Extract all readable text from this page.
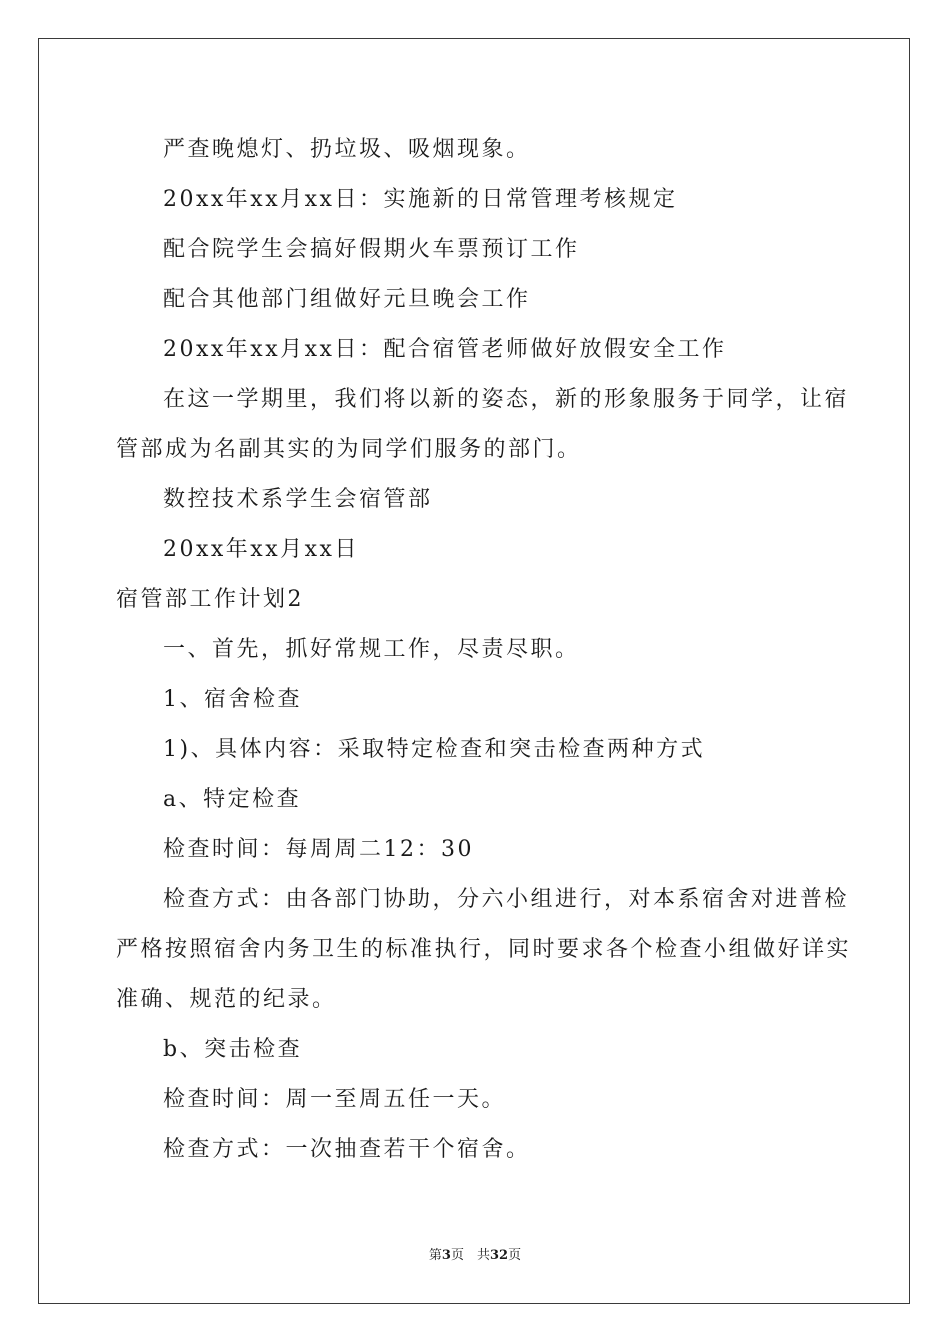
严查晚熄灯、扔垃圾、吸烟现象。
20xx年xx月xx日：实施新的日常管理考核规定
配合院学生会搞好假期火车票预订工作
配合其他部门组做好元旦晚会工作
20xx年xx月xx日：配合宿管老师做好放假安全工作
在这一学期里，我们将以新的姿态，新的形象服务于同学，让宿
管部成为名副其实的为同学们服务的部门。
数控技术系学生会宿管部
20xx年xx月xx日
宿管部工作计划2
一、首先，抓好常规工作，尽责尽职。
1、宿舍检查
1)、具体内容：采取特定检查和突击检查两种方式
a、特定检查
检查时间：每周周二12：30
检查方式：由各部门协助，分六小组进行，对本系宿舍对进普检
严格按照宿舍内务卫生的标准执行，同时要求各个检查小组做好详实
准确、规范的纪录。
b、突击检查
检查时间：周一至周五任一天。
检查方式：一次抽查若干个宿舍。
第3页　共32页
